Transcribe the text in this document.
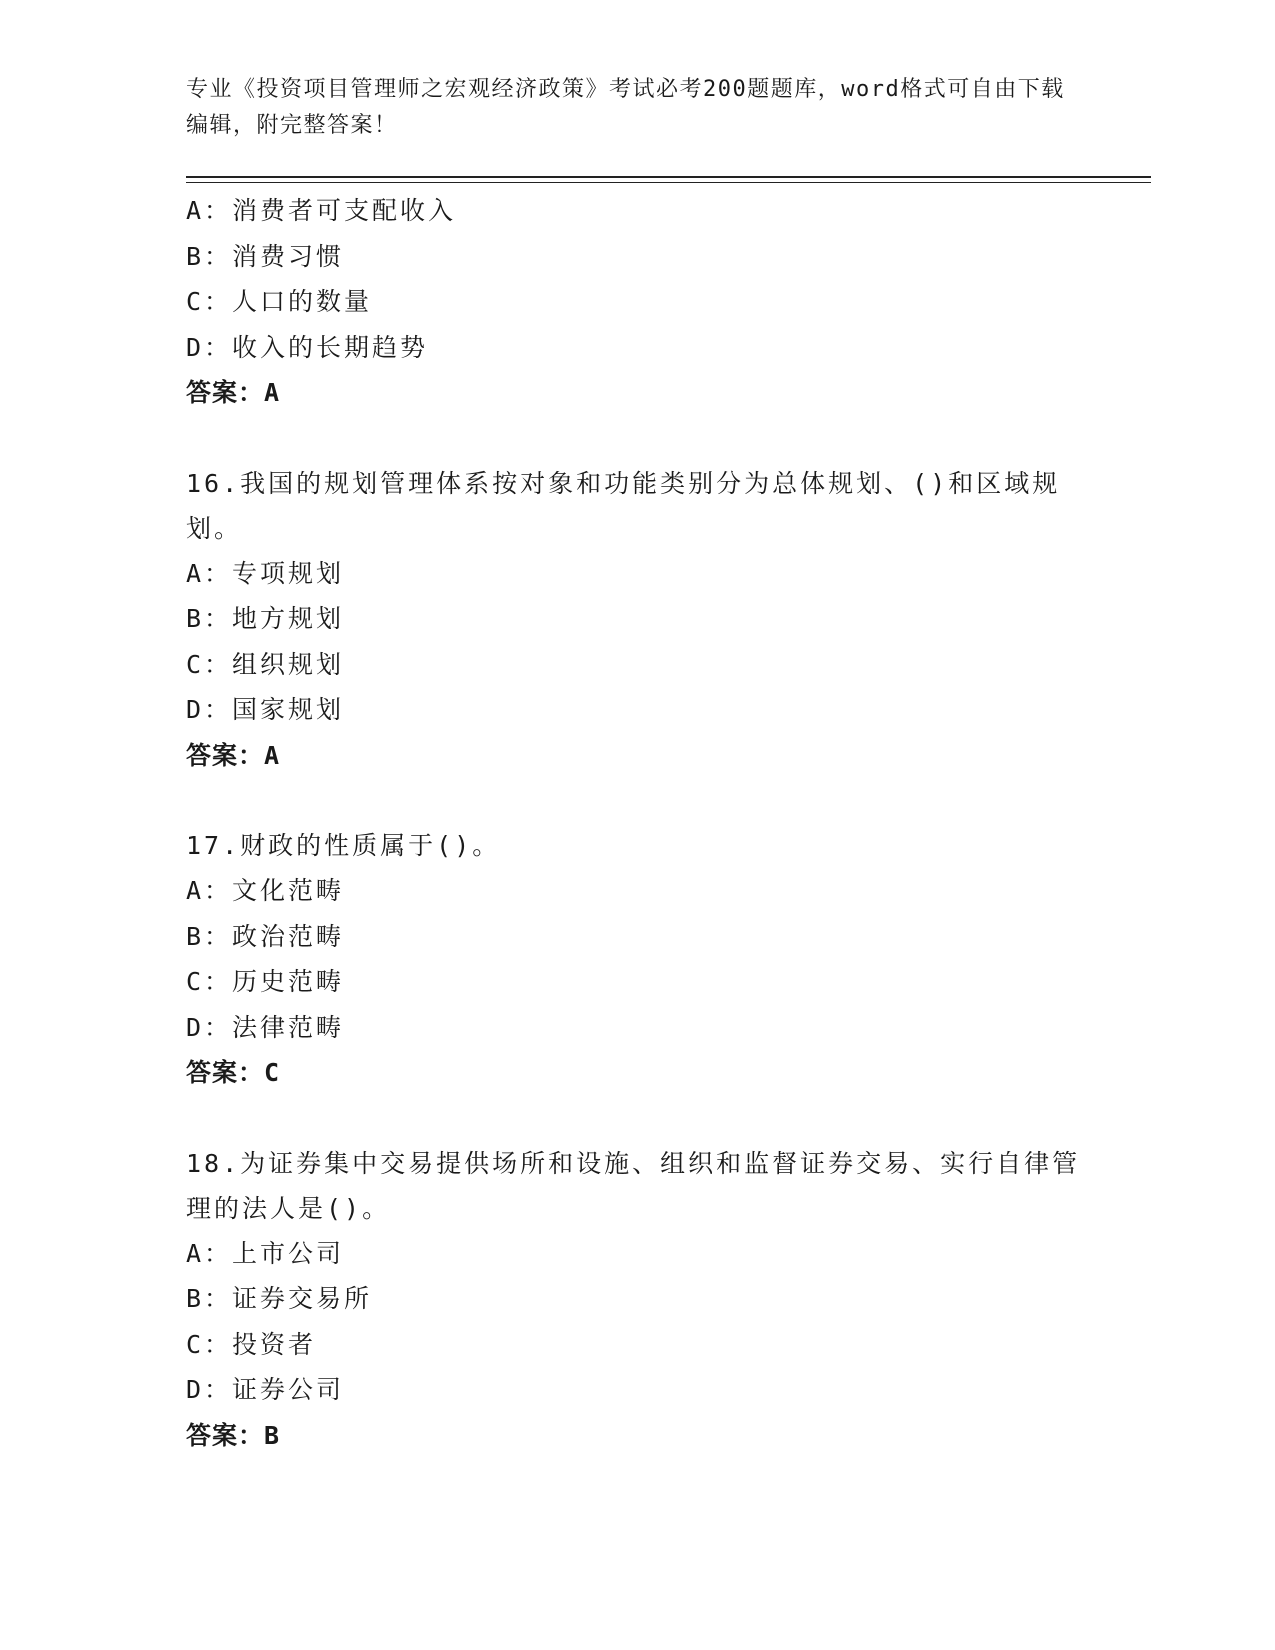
专业《投资项目管理师之宏观经济政策》考试必考200题题库，word格式可自由下载编辑，附完整答案！

A：消费者可支配收入

B：消费习惯

C：人口的数量

D：收入的长期趋势

答案：A

16.我国的规划管理体系按对象和功能类别分为总体规划、()和区域规划。

A：专项规划

B：地方规划

C：组织规划

D：国家规划

答案：A

17.财政的性质属于()。

A：文化范畴

B：政治范畴

C：历史范畴

D：法律范畴

答案：C

18.为证券集中交易提供场所和设施、组织和监督证券交易、实行自律管理的法人是()。

A：上市公司

B：证券交易所

C：投资者

D：证券公司

答案：B
